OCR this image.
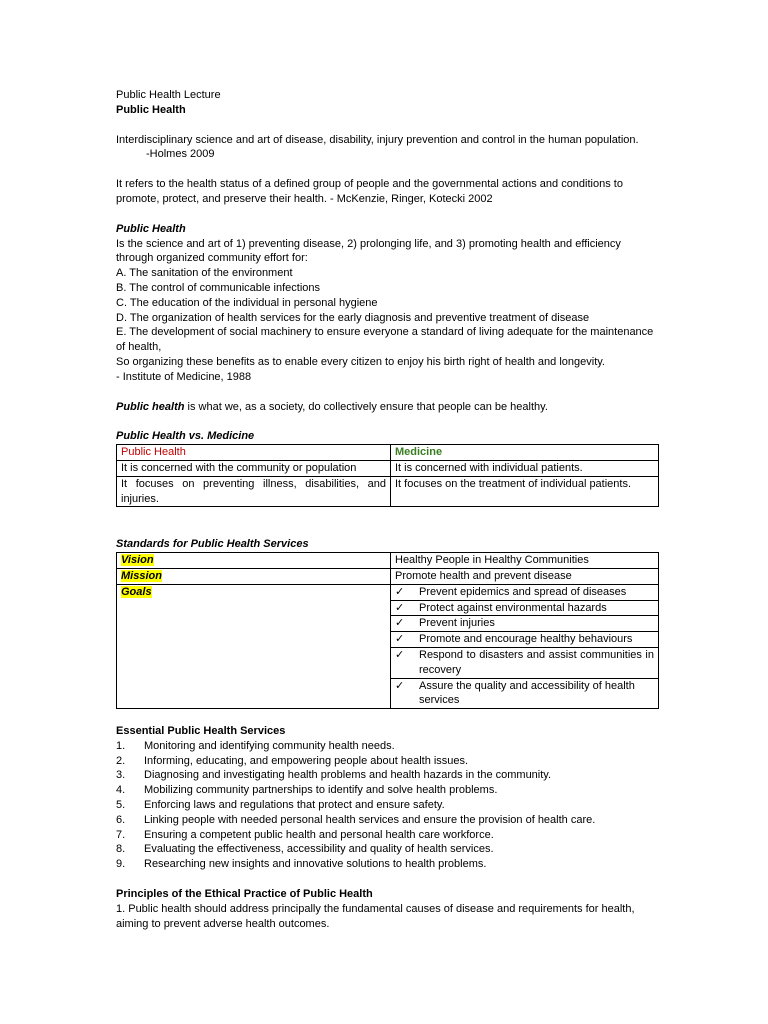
Public Health Lecture

Public Health

Interdisciplinary science and art of disease, disability, injury prevention and control in the human population.-Holmes 2009

It refers to the health status of a defined group of people and the governmental actions and conditions to promote, protect, and preserve their health. - McKenzie, Ringer, Kotecki 2002

Public Health

Is the science and art of 1) preventing disease, 2) prolonging life, and 3) promoting health and efficiency through organized community effort for:

A. The sanitation of the environment

B. The control of communicable infections

C. The education of the individual in personal hygiene

D. The organization of health services for the early diagnosis and preventive treatment of disease

E. The development of social machinery to ensure everyone a standard of living adequate for the maintenance of health,

So organizing these benefits as to enable every citizen to enjoy his birth right of health and longevity.

- Institute of Medicine, 1988

Public health is what we, as a society, do collectively ensure that people can be healthy.

Public Health vs. Medicine

Public Health	Medicine
It is concerned with the community or population	It is concerned with individual patients.
It focuses on preventing illness, disabilities, and injuries.	It focuses on the treatment of individual patients.

Standards for Public Health Services

Vision	Healthy People in Healthy Communities
Mission	Promote health and prevent disease
Goals	✓ Prevent epidemics and spread of diseases

	✓ Protect against environmental hazards

	✓ Prevent injuries

	✓ Promote and encourage healthy behaviours

	✓ Respond to disasters and assist communities in recovery

	✓ Assure the quality and accessibility of health services

Essential Public Health Services

1.	Monitoring and identifying community health needs.
2.	Informing, educating, and empowering people about health issues.
3.	Diagnosing and investigating health problems and health hazards in the community.
4.	Mobilizing community partnerships to identify and solve health problems.
5.	Enforcing laws and regulations that protect and ensure safety.
6.	Linking people with needed personal health services and ensure the provision of health care.
7.	Ensuring a competent public health and personal health care workforce.
8.	Evaluating the effectiveness, accessibility and quality of health services.
9.	Researching new insights and innovative solutions to health problems.

Principles of the Ethical Practice of Public Health

1. Public health should address principally the fundamental causes of disease and requirements for health, aiming to prevent adverse health outcomes.
